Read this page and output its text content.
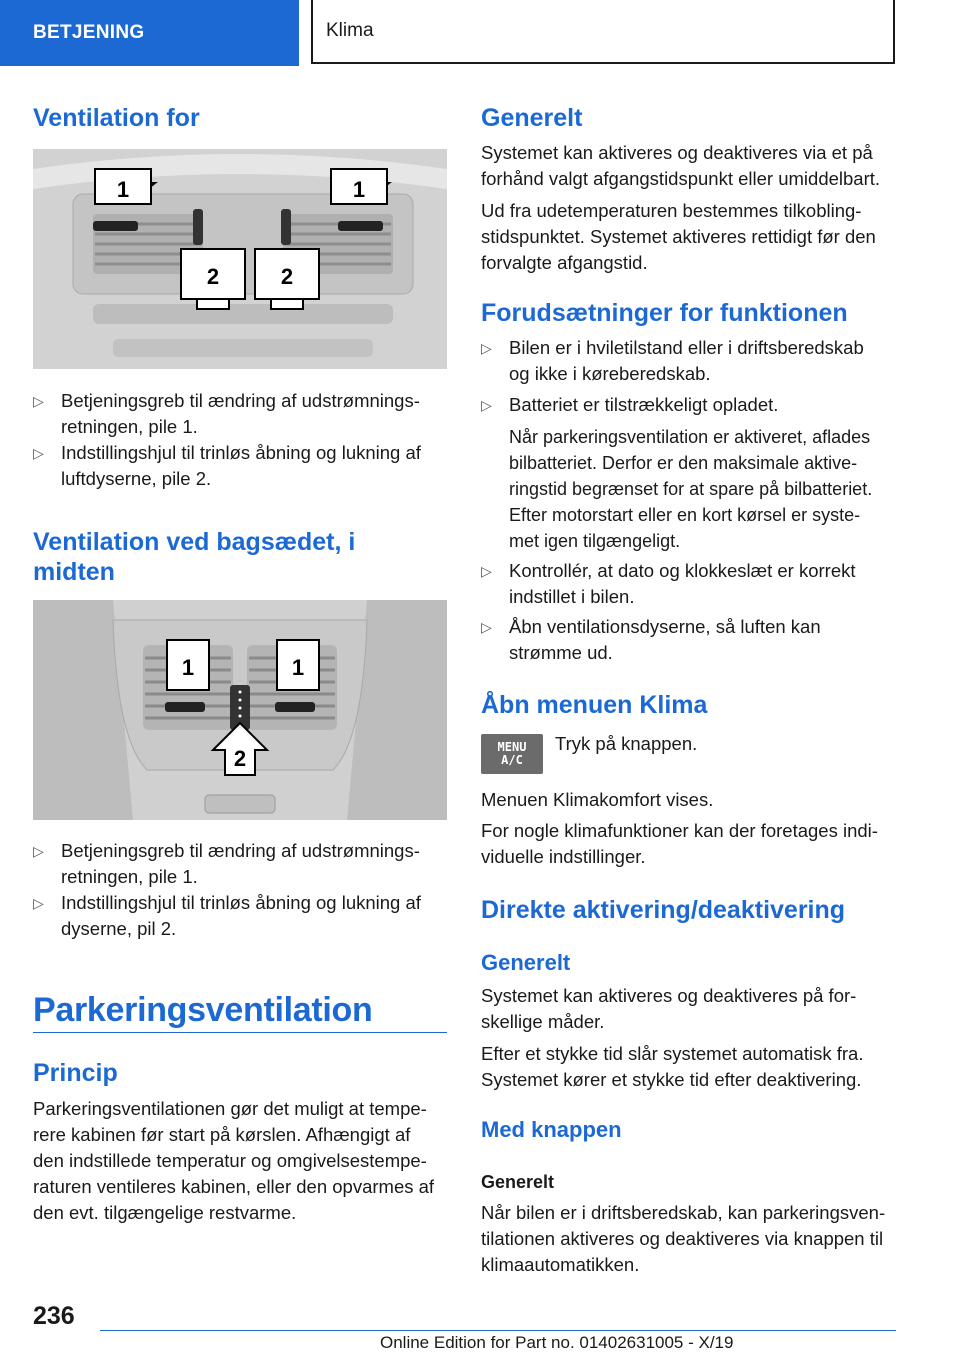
BETJENING	Klima
Ventilation for
1	1
2	2
▷ Betjeningsgreb til ændring af udstrømnings-
retningen, pile 1.
▷ Indstillingshjul til trinløs åbning og lukning af
luftdyserne, pile 2.
Ventilation ved bagsædet, i
midten
1	1
2
▷ Betjeningsgreb til ændring af udstrømnings-
retningen, pile 1.
▷ Indstillingshjul til trinløs åbning og lukning af
dyserne, pil 2.
Parkeringsventilation
Princip

Parkeringsventilationen gør det muligt at tempe-
rere kabinen før start på kørslen. Afhængigt af
den indstillede temperatur og omgivelsestempe-
raturen ventileres kabinen, eller den opvarmes af
den evt. tilgængelige restvarme.

Generelt

Systemet kan aktiveres og deaktiveres via et på
forhånd valgt afgangstidspunkt eller umiddelbart.

Ud fra udetemperaturen bestemmes tilkobling-
stidspunktet. Systemet aktiveres rettidigt før den
forvalgte afgangstid.

Forudsætninger for funktionen
▷ Bilen er i hviletilstand eller i driftsberedskab
og ikke i køreberedskab.
▷ Batteriet er tilstrækkeligt opladet.

Når parkeringsventilation er aktiveret, aflades
bilbatteriet. Derfor er den maksimale aktive-
ringstid begrænset for at spare på bilbatteriet.
Efter motorstart eller en kort kørsel er syste-
met igen tilgængeligt.

▷ Kontrollér, at dato og klokkeslæt er korrekt
indstillet i bilen.
▷ Åbn ventilationsdyserne, så luften kan
strømme ud.
Åbn menuen Klima
MENU
A/C

Tryk på knappen.

Menuen Klimakomfort vises.

For nogle klimafunktioner kan der foretages indi-
viduelle indstillinger.

Direkte aktivering/deaktivering
Generelt

Systemet kan aktiveres og deaktiveres på for-
skellige måder.

Efter et stykke tid slår systemet automatisk fra.
Systemet kører et stykke tid efter deaktivering.

Med knappen
Generelt

Når bilen er i driftsberedskab, kan parkeringsven-
tilationen aktiveres og deaktiveres via knappen til
klimaautomatikken.

236
Online Edition for Part no. 01402631005 - X/19
